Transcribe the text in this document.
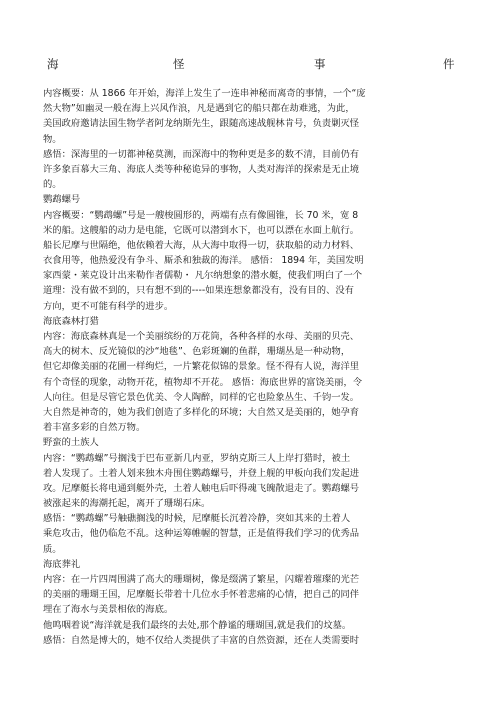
海	怪	事	件
内容概要：从 1866 年开始，海洋上发生了一连串神秘而离奇的事情，一个“庞
然大物”如幽灵一般在海上兴风作浪，凡是遇到它的船只都在劫难逃，为此，
美国政府邀请法国生物学者阿龙纳斯先生，跟随高速战舰林肯号，负责剿灭怪
物。
感悟：深海里的一切都神秘莫测，而深海中的物种更是多的数不清，目前仍有
许多象百慕大三角、海底人类等种秘诡异的事物，人类对海洋的探索是无止境
的。
鹦鹉螺号
内容概要：“鹦鹉螺”号是一艘梭圆形的，两端有点有像圆锥，长 70 米，宽 8
米的船。这艘船的动力是电能，它既可以潜到水下，也可以漂在水面上航行。
船长尼摩与世隔绝，他依赖着大海，从大海中取得一切，获取船的动力材料、
衣食用等，他热爱没有争斗、厮杀和独裁的海洋。 感悟： 1894 年，美国发明
家西蒙・莱克设计出来勒作者儒勒・ 凡尔纳想象的潜水艇，使我们明白了一个
道理：没有做不到的，只有想不到的----如果连想象都没有，没有目的、没有
方向，更不可能有科学的进步。
海底森林打猎
内容：海底森林真是一个美丽缤纷的万花筒，各种各样的水母、美丽的贝壳、
高大的树木、反光镜似的沙“地毯”、色彩斑斓的鱼群，珊瑚丛是一种动物，
但它却像美丽的花圃一样绚烂，一片繁花似锦的景象。怪不得有人说，海洋里
有个奇怪的现象，动物开花，植物却不开花。 感悟：海底世界的富饶美丽，令
人向往。但是尽管它景色优美、令人陶醉，同样的它也险象丛生、千钧一发。
大自然是神奇的，她为我们创造了多样化的环境；大自然又是美丽的，她孕育
着丰富多彩的自然万物。
野蛮的土族人
内容：“鹦鹉螺”号搁浅于巴布亚新几内亚，罗纳克斯三人上岸打猎时，被土
着人发现了。土着人划来独木舟围住鹦鹉螺号，并登上舰的甲板向我们发起进
攻。尼摩艇长将电通到艇外壳，土着人触电后吓得魂飞魄散退走了。鹦鹉螺号
被涨起来的海潮托起，离开了珊瑚石床。
感悟：“鹦鹉螺”号触礁搁浅的时候，尼摩艇长沉着冷静，突如其来的土着人
乘危攻击，他仍临危不乱。这种运筹帷幄的智慧，正是值得我们学习的优秀品
质。
海底葬礼
内容：在一片四周围满了高大的珊瑚树，像是缀满了繁星，闪耀着璀璨的光芒
的美丽的珊瑚王国，尼摩艇长带着十几位水手怀着悲痛的心情，把自己的同伴
埋在了海水与美景相依的海底。
他鸣咽着说“海洋就是我们最终的去处,那个静谧的珊瑚国,就是我们的坟墓。
感悟：自然是博大的，她不仅给人类提供了丰富的自然资源，还在人类需要时
